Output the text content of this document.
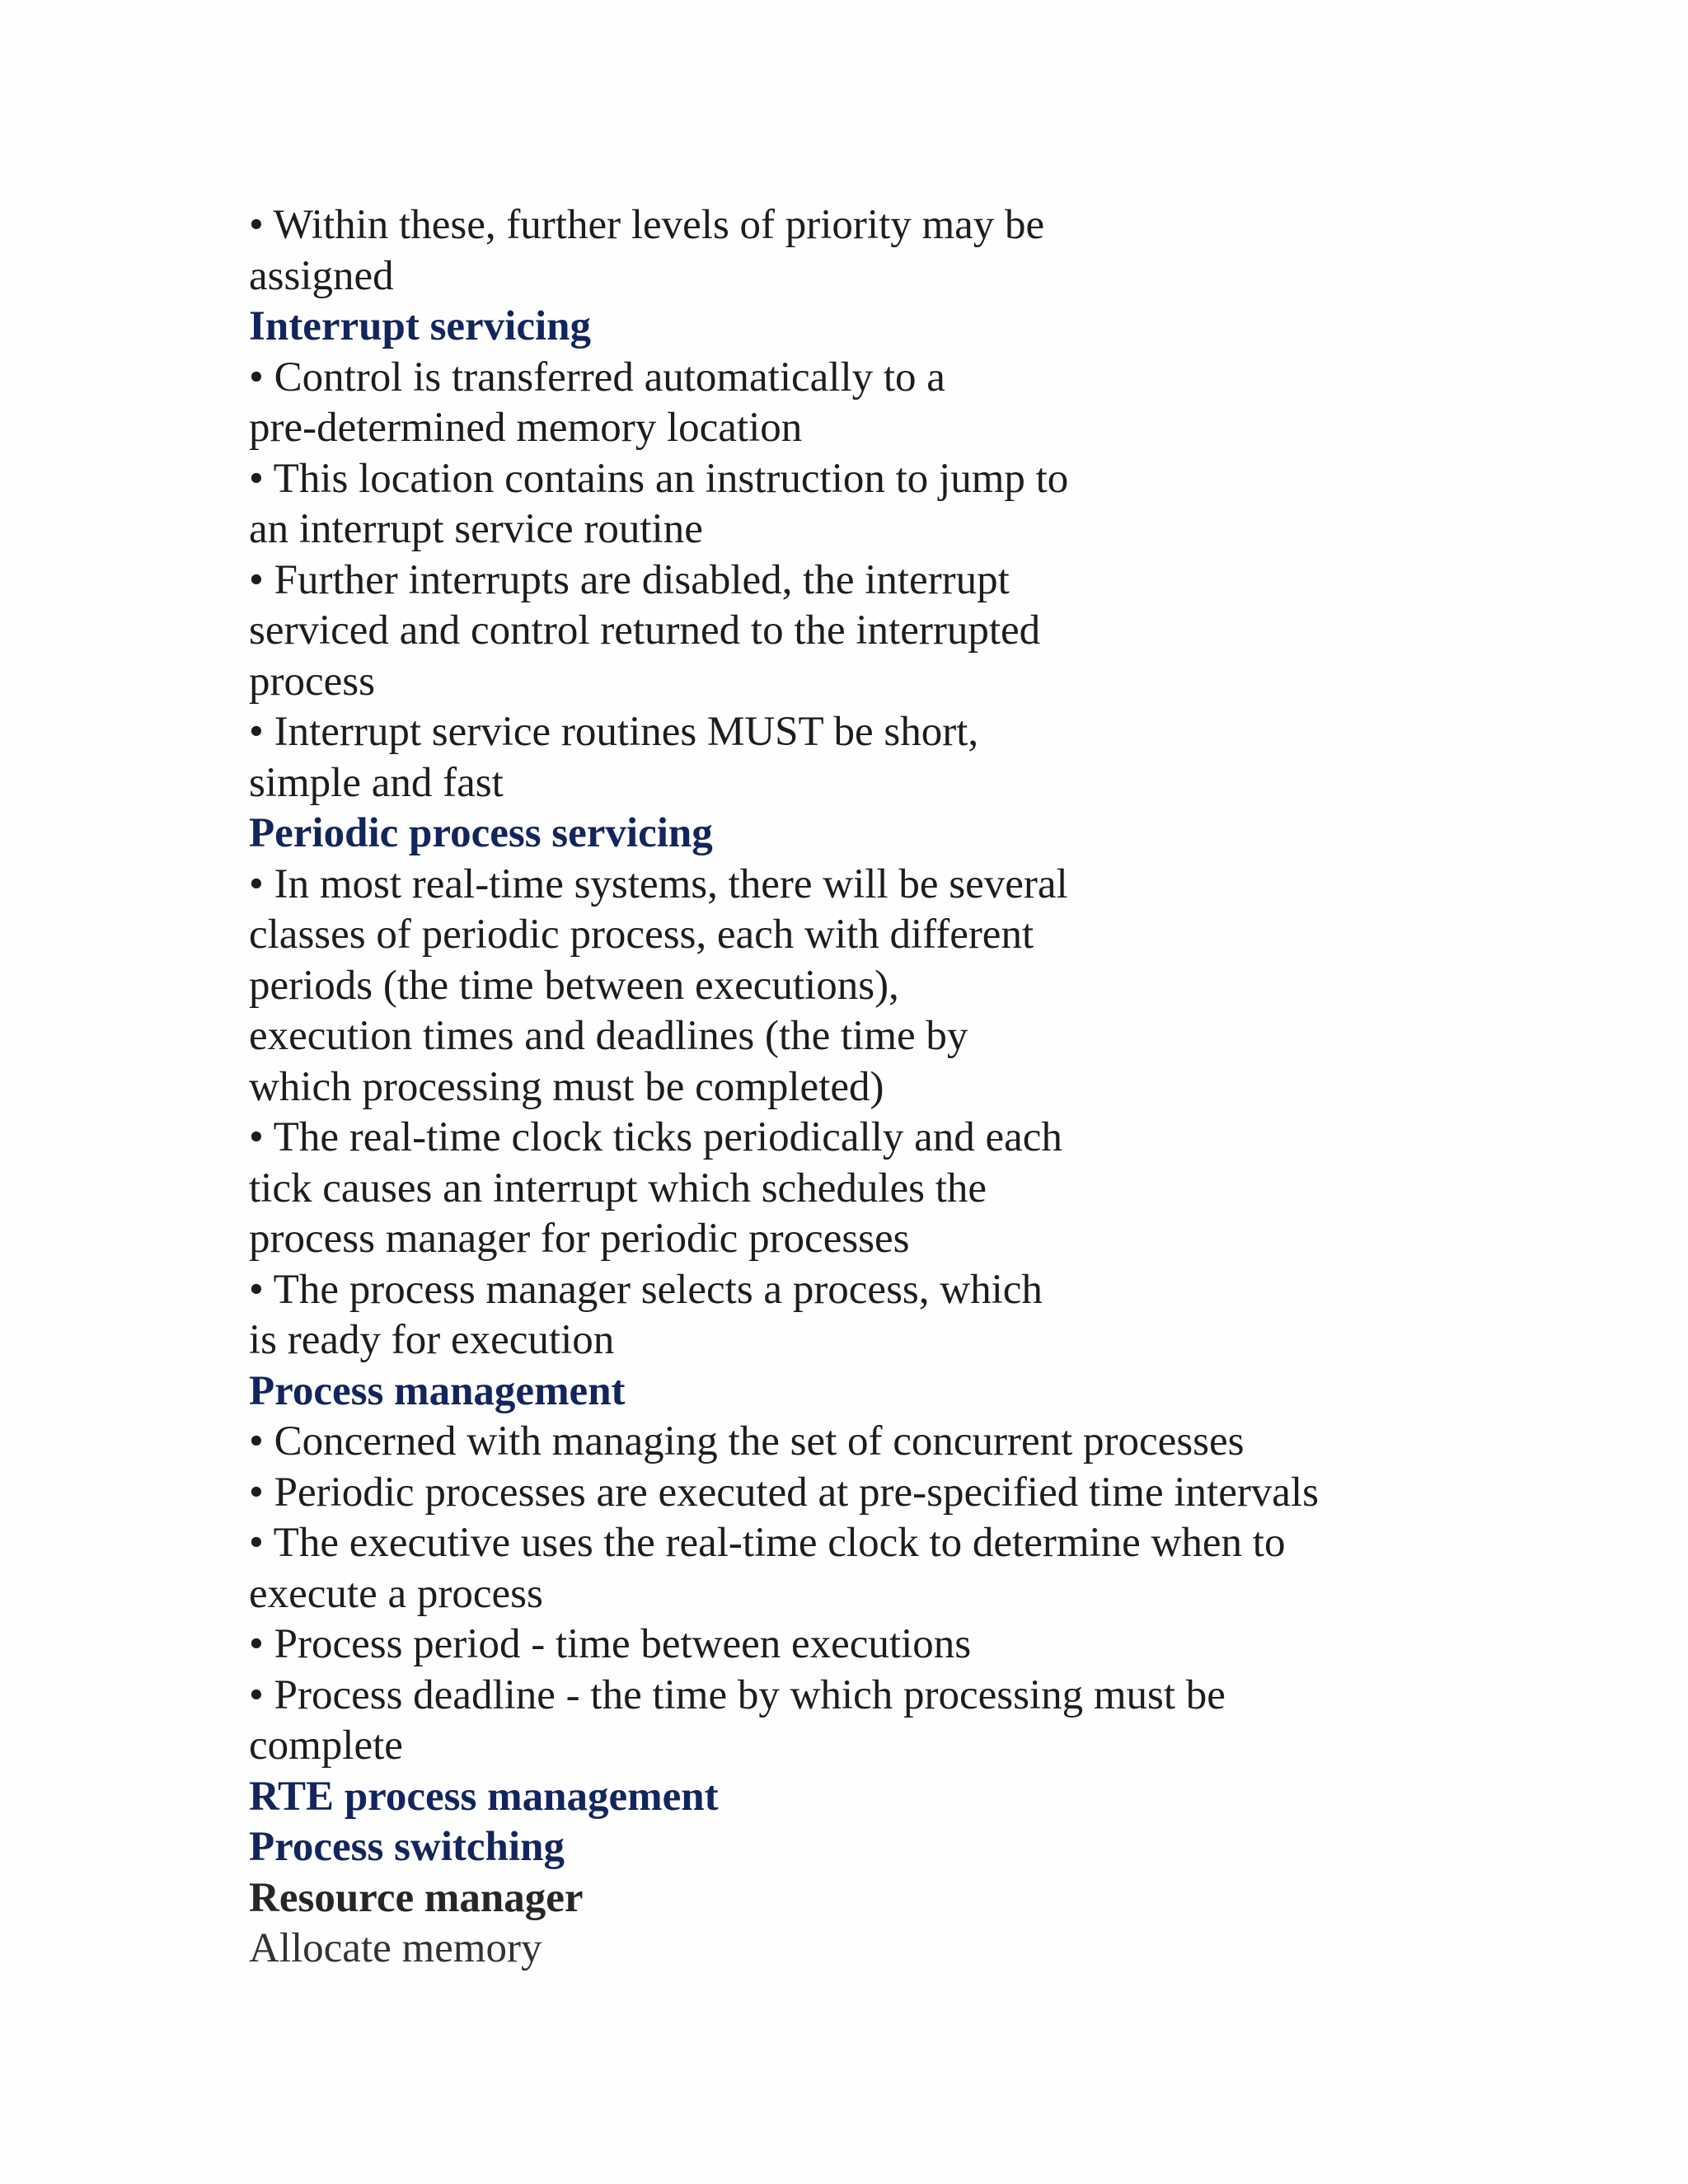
• Within these, further levels of priority may be
assigned
Interrupt servicing
• Control is transferred automatically to a
pre-determined memory location
• This location contains an instruction to jump to
an interrupt service routine
• Further interrupts are disabled, the interrupt
serviced and control returned to the interrupted
process
• Interrupt service routines MUST be short,
simple and fast
Periodic process servicing
• In most real-time systems, there will be several
classes of periodic process, each with different
periods (the time between executions),
execution times and deadlines (the time by
which processing must be completed)
• The real-time clock ticks periodically and each
tick causes an interrupt which schedules the
process manager for periodic processes
• The process manager selects a process, which
is ready for execution
Process management
• Concerned with managing the set of concurrent processes
• Periodic processes are executed at pre-specified time intervals
• The executive uses the real-time clock to determine when to
execute a process
• Process period - time between executions
• Process deadline - the time by which processing must be
complete
RTE process management
Process switching
Resource manager
Allocate memory
